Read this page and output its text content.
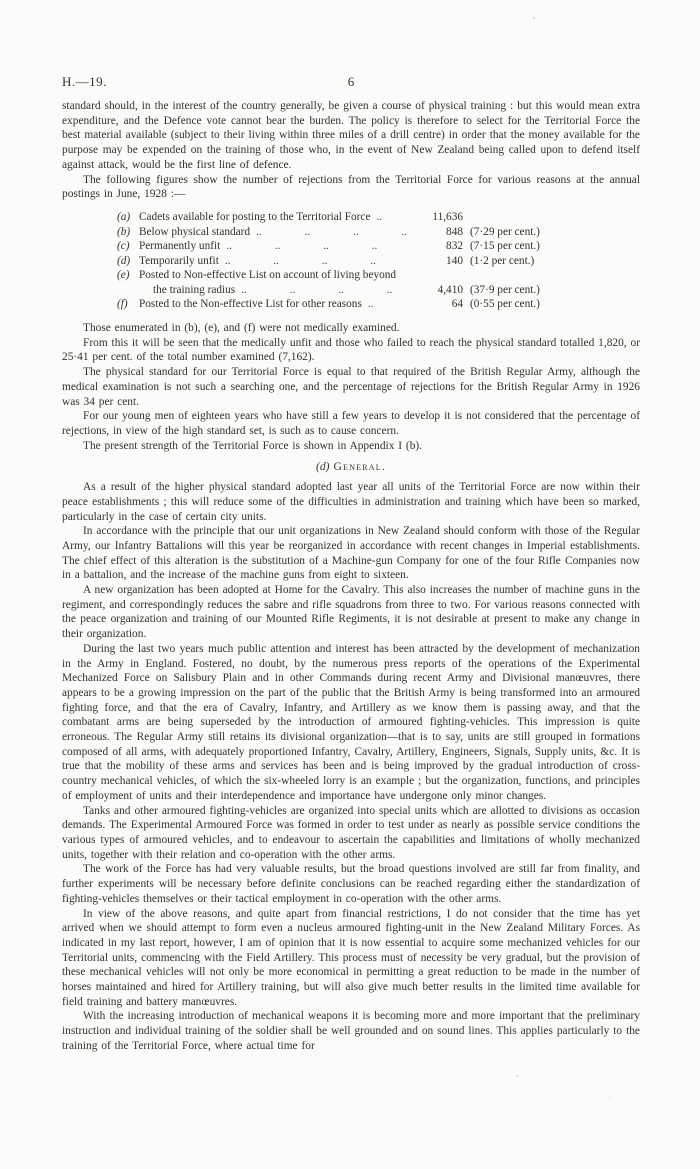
H.—19.	6

standard should, in the interest of the country generally, be given a course of physical training : but this would mean extra expenditure, and the Defence vote cannot bear the burden. The policy is therefore to select for the Territorial Force the best material available (subject to their living within three miles of a drill centre) in order that the money available for the purpose may be expended on the training of those who, in the event of New Zealand being called upon to defend itself against attack, would be the first line of defence.

The following figures show the number of rejections from the Territorial Force for various reasons at the annual postings in June, 1928 :—

(a) Cadets available for posting to the Territorial Force ..	11,636
(b) Below physical standard .. .. .. ..	848 (7·29 per cent.)
(c) Permanently unfit .. .. .. ..	832 (7·15 per cent.)
(d) Temporarily unfit .. .. .. ..	140 (1·2 per cent.)
(e) Posted to Non-effective List on account of living beyond
the training radius .. .. .. ..	4,410 (37·9 per cent.)
(f)	Posted to the Non-effective List for other reasons ..	64 (0·55 per cent.)

Those enumerated in (b), (e), and (f) were not medically examined.

From this it will be seen that the medically unfit and those who failed to reach the physical standard totalled 1,820, or 25·41 per cent. of the total number examined (7,162).

The physical standard for our Territorial Force is equal to that required of the British Regular Army, although the medical examination is not such a searching one, and the percentage of rejections for the British Regular Army in 1926 was 34 per cent.

For our young men of eighteen years who have still a few years to develop it is not considered that the percentage of rejections, in view of the high standard set, is such as to cause concern.

The present strength of the Territorial Force is shown in Appendix I (b).

(d) General.

As a result of the higher physical standard adopted last year all units of the Territorial Force are now within their peace establishments ; this will reduce some of the difficulties in administration and training which have been so marked, particularly in the case of certain city units.

In accordance with the principle that our unit organizations in New Zealand should conform with those of the Regular Army, our Infantry Battalions will this year be reorganized in accordance with recent changes in Imperial establishments. The chief effect of this alteration is the substitution of a Machine-gun Company for one of the four Rifle Companies now in a battalion, and the increase of the machine guns from eight to sixteen.

A new organization has been adopted at Home for the Cavalry. This also increases the number of machine guns in the regiment, and correspondingly reduces the sabre and rifle squadrons from three to two. For various reasons connected with the peace organization and training of our Mounted Rifle Regiments, it is not desirable at present to make any change in their organization.

During the last two years much public attention and interest has been attracted by the development of mechanization in the Army in England. Fostered, no doubt, by the numerous press reports of the operations of the Experimental Mechanized Force on Salisbury Plain and in other Commands during recent Army and Divisional manœuvres, there appears to be a growing impression on the part of the public that the British Army is being transformed into an armoured fighting force, and that the era of Cavalry, Infantry, and Artillery as we know them is passing away, and that the combatant arms are being superseded by the introduction of armoured fighting-vehicles. This impression is quite erroneous. The Regular Army still retains its divisional organization—that is to say, units are still grouped in formations composed of all arms, with adequately proportioned Infantry, Cavalry, Artillery, Engineers, Signals, Supply units, &c. It is true that the mobility of these arms and services has been and is being improved by the gradual introduction of cross-country mechanical vehicles, of which the six-wheeled lorry is an example ; but the organization, functions, and principles of employment of units and their interdependence and importance have undergone only minor changes.

Tanks and other armoured fighting-vehicles are organized into special units which are allotted to divisions as occasion demands. The Experimental Armoured Force was formed in order to test under as nearly as possible service conditions the various types of armoured vehicles, and to endeavour to ascertain the capabilities and limitations of wholly mechanized units, together with their relation and co-operation with the other arms.

The work of the Force has had very valuable results, but the broad questions involved are still far from finality, and further experiments will be necessary before definite conclusions can be reached regarding either the standardization of fighting-vehicles themselves or their tactical employment in co-operation with the other arms.

In view of the above reasons, and quite apart from financial restrictions, I do not consider that the time has yet arrived when we should attempt to form even a nucleus armoured fighting-unit in the New Zealand Military Forces. As indicated in my last report, however, I am of opinion that it is now essential to acquire some mechanized vehicles for our Territorial units, commencing with the Field Artillery. This process must of necessity be very gradual, but the provision of these mechanical vehicles will not only be more economical in permitting a great reduction to be made in the number of horses maintained and hired for Artillery training, but will also give much better results in the limited time available for field training and battery manœuvres.

With the increasing introduction of mechanical weapons it is becoming more and more important that the preliminary instruction and individual training of the soldier shall be well grounded and on sound lines. This applies particularly to the training of the Territorial Force, where actual time for
